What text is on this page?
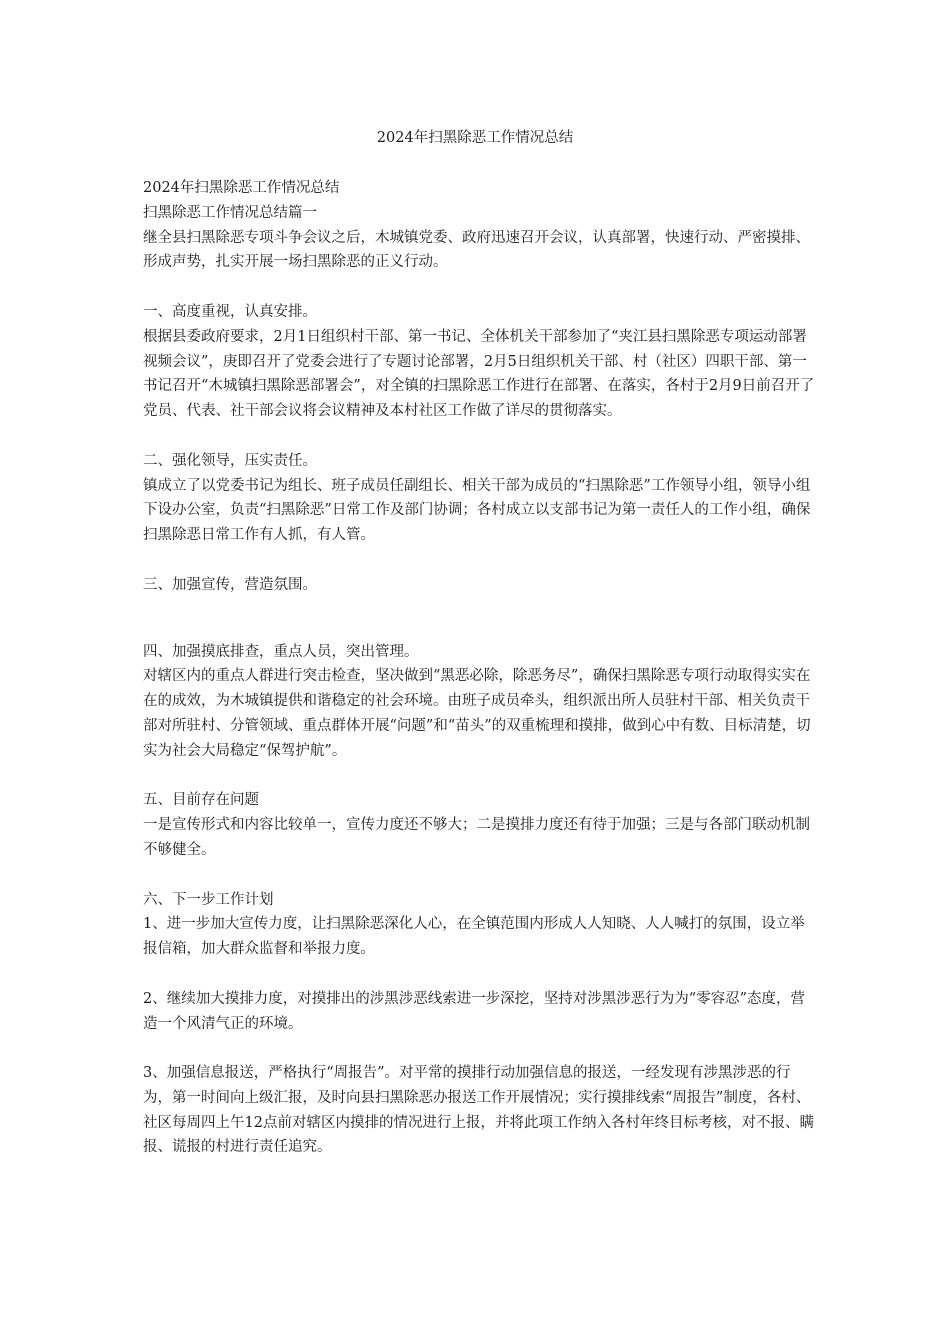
2024年扫黑除恶工作情况总结

2024年扫黑除恶工作情况总结

扫黑除恶工作情况总结篇一

继全县扫黑除恶专项斗争会议之后，木城镇党委、政府迅速召开会议，认真部署，快速行动、严密摸排、形成声势，扎实开展一场扫黑除恶的正义行动。

一、高度重视，认真安排。

根据县委政府要求，2月1日组织村干部、第一书记、全体机关干部参加了“夹江县扫黑除恶专项运动部署视频会议”，庚即召开了党委会进行了专题讨论部署，2月5日组织机关干部、村（社区）四职干部、第一书记召开“木城镇扫黑除恶部署会”，对全镇的扫黑除恶工作进行在部署、在落实，各村于2月9日前召开了党员、代表、社干部会议将会议精神及本村社区工作做了详尽的贯彻落实。

二、强化领导，压实责任。

镇成立了以党委书记为组长、班子成员任副组长、相关干部为成员的“扫黑除恶”工作领导小组，领导小组下设办公室，负责“扫黑除恶”日常工作及部门协调；各村成立以支部书记为第一责任人的工作小组，确保扫黑除恶日常工作有人抓，有人管。

三、加强宣传，营造氛围。

四、加强摸底排查，重点人员，突出管理。

对辖区内的重点人群进行突击检查，坚决做到“黑恶必除，除恶务尽”，确保扫黑除恶专项行动取得实实在在的成效，为木城镇提供和谐稳定的社会环境。由班子成员牵头，组织派出所人员驻村干部、相关负责干部对所驻村、分管领域、重点群体开展“问题”和“苗头”的双重梳理和摸排，做到心中有数、目标清楚，切实为社会大局稳定“保驾护航”。

五、目前存在问题

一是宣传形式和内容比较单一，宣传力度还不够大；二是摸排力度还有待于加强；三是与各部门联动机制不够健全。

六、下一步工作计划

1、进一步加大宣传力度，让扫黑除恶深化人心，在全镇范围内形成人人知晓、人人喊打的氛围，设立举报信箱，加大群众监督和举报力度。

2、继续加大摸排力度，对摸排出的涉黑涉恶线索进一步深挖，坚持对涉黑涉恶行为为“零容忍”态度，营造一个风清气正的环境。

3、加强信息报送，严格执行“周报告”。对平常的摸排行动加强信息的报送，一经发现有涉黑涉恶的行为，第一时间向上级汇报，及时向县扫黑除恶办报送工作开展情况；实行摸排线索“周报告”制度，各村、社区每周四上午12点前对辖区内摸排的情况进行上报，并将此项工作纳入各村年终目标考核，对不报、瞒报、谎报的村进行责任追究。
